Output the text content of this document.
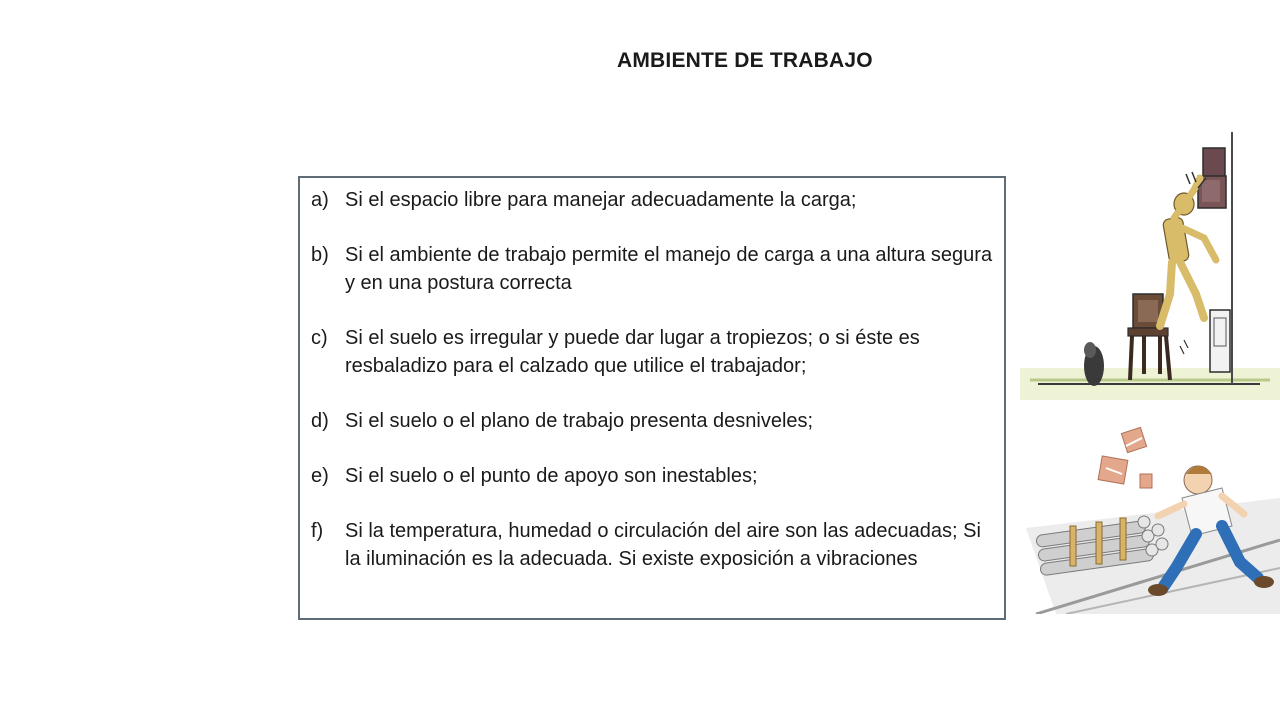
AMBIENTE DE TRABAJO
a) Si el espacio libre para manejar adecuadamente la carga;
b) Si el ambiente de trabajo permite el manejo de carga a una altura segura y en una postura correcta
c) Si el suelo es irregular y puede dar lugar a tropiezos; o si éste es resbaladizo para el calzado que utilice el trabajador;
d) Si el suelo o el plano de trabajo presenta desniveles;
e) Si el suelo o el punto de apoyo son inestables;
f)	Si la temperatura, humedad o circulación del aire son las adecuadas; Si la iluminación es la adecuada. Si existe exposición a vibraciones
